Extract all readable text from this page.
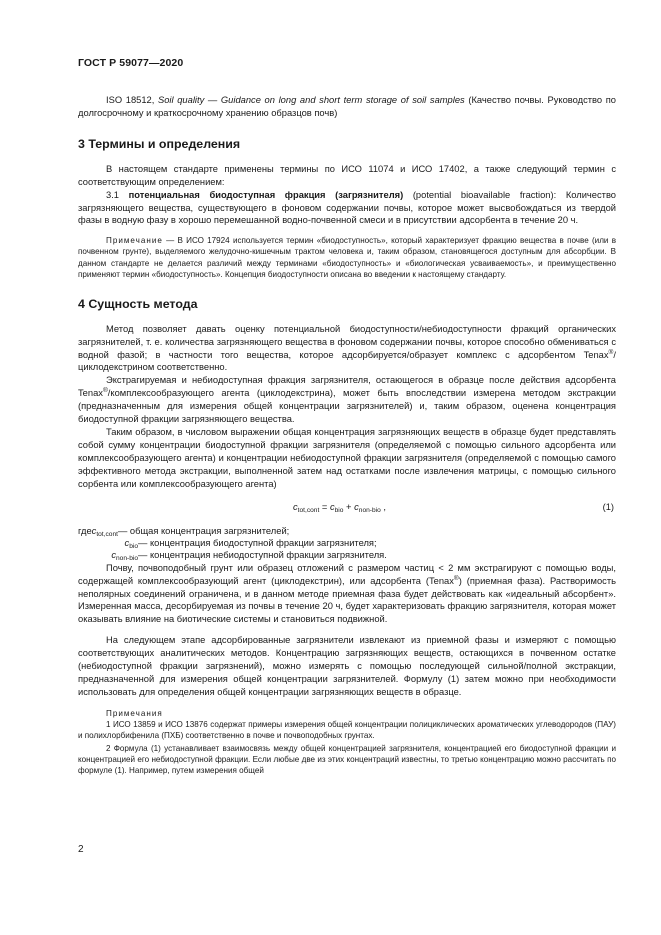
ГОСТ Р 59077—2020

ISO 18512, Soil quality — Guidance on long and short term storage of soil samples (Качество почвы. Руководство по долгосрочному и краткосрочному хранению образцов почв)

3 Термины и определения

В настоящем стандарте применены термины по ИСО 11074 и ИСО 17402, а также следующий термин с соответствующим определением:

3.1 потенциальная биодоступная фракция (загрязнителя) (potential bioavailable fraction): Количество загрязняющего вещества, существующего в фоновом содержании почвы, которое может высвобождаться из твердой фазы в водную фазу в хорошо перемешанной водно-почвенной смеси и в присутствии адсорбента в течение 20 ч.

Примечание — В ИСО 17924 используется термин «биодоступность», который характеризует фракцию вещества в почве (или в почвенном грунте), выделяемого желудочно-кишечным трактом человека и, таким образом, становящегося доступным для абсорбции. В данном стандарте не делается различий между терминами «биодоступность» и «биологическая усваиваемость», и преимущественно применяют термин «биодоступность». Концепция биодоступности описана во введении к настоящему стандарту.

4 Сущность метода

Метод позволяет давать оценку потенциальной биодоступности/небиодоступности фракций органических загрязнителей, т. е. количества загрязняющего вещества в фоновом содержании почвы, которое способно обмениваться с водной фазой; в частности того вещества, которое адсорбируется/образует комплекс с адсорбентом Tenax®/циклодекстрином соответственно.

Экстрагируемая и небиодоступная фракция загрязнителя, остающегося в образце после действия адсорбента Tenax®/комплексообразующего агента (циклодекстрина), может быть впоследствии измерена методом экстракции (предназначенным для измерения общей концентрации загрязнителей) и, таким образом, оценена концентрация биодоступной фракции загрязняющего вещества.

Таким образом, в числовом выражении общая концентрация загрязняющих веществ в образце будет представлять собой сумму концентрации биодоступной фракции загрязнителя (определяемой с помощью сильного адсорбента или комплексообразующего агента) и концентрации небиодоступной фракции загрязнителя (определяемой с помощью самого эффективного метода экстракции, выполненной затем над остатками после извлечения матрицы, с помощью сильного сорбента или комплексообразующего агента)

$c_{tot,cont} = c_{bio} + c_{non-bio}$ ,	(1)
где $c_{tot,cont}$ — общая концентрация загрязнителей;
$c_{bio}$ — концентрация биодоступной фракции загрязнителя;
$c_{non-bio}$ — концентрация небиодоступной фракции загрязнителя.

Почву, почвоподобный грунт или образец отложений с размером частиц < 2 мм экстрагируют с помощью воды, содержащей комплексообразующий агент (циклодекстрин), или адсорбента (Tenax®) (приемная фаза). Растворимость неполярных соединений ограничена, и в данном методе приемная фаза будет действовать как «идеальный абсорбент». Измеренная масса, десорбируемая из почвы в течение 20 ч, будет характеризовать фракцию загрязнителя, которая может оказывать влияние на биотические системы и становиться подвижной.

На следующем этапе адсорбированные загрязнители извлекают из приемной фазы и измеряют с помощью соответствующих аналитических методов. Концентрацию загрязняющих веществ, остающихся в почвенном остатке (небиодоступной фракции загрязнений), можно измерять с помощью последующей сильной/полной экстракции, предназначенной для измерения общей концентрации загрязнителей. Формулу (1) затем можно при необходимости использовать для определения общей концентрации загрязняющих веществ в образце.

Примечания

1 ИСО 13859 и ИСО 13876 содержат примеры измерения общей концентрации полициклических ароматических углеводородов (ПАУ) и полихлорбифенила (ПХБ) соответственно в почве и почвоподобных грунтах.

2 Формула (1) устанавливает взаимосвязь между общей концентрацией загрязнителя, концентрацией его биодоступной фракции и концентрацией его небиодоступной фракции. Если любые две из этих концентраций известны, то третью концентрацию можно рассчитать по формуле (1). Например, путем измерения общей

2
